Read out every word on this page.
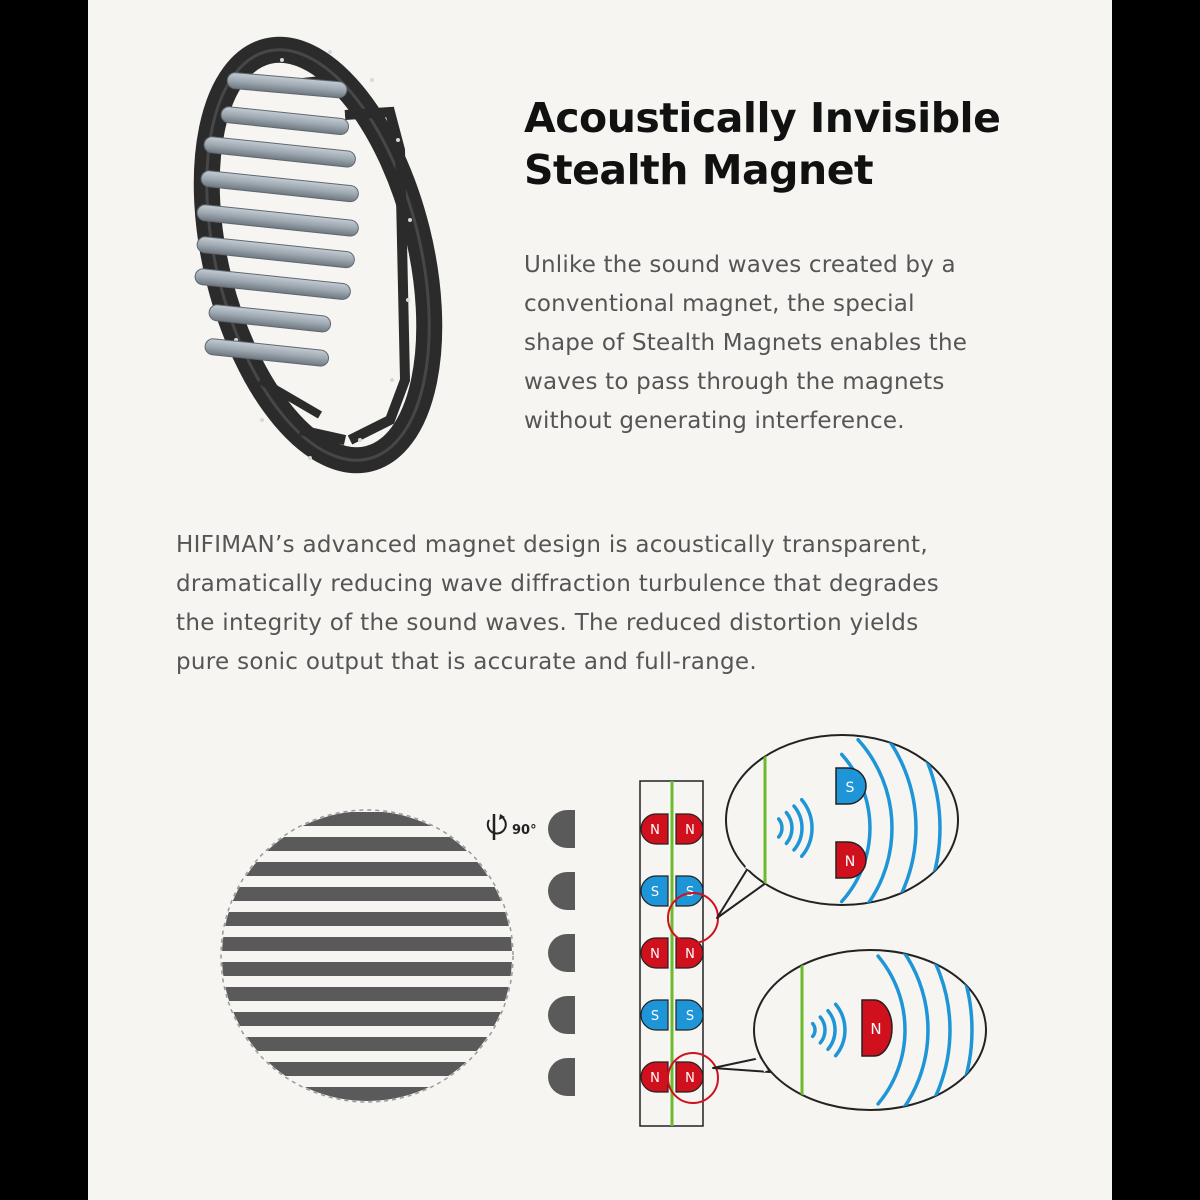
Acoustically Invisible
Stealth Magnet

Unlike the sound waves created by a
conventional magnet, the special
shape of Stealth Magnets enables the
waves to pass through the magnets
without generating interference.

HIFIMAN’s advanced magnet design is acoustically transparent,
dramatically reducing wave diffraction turbulence that degrades
the integrity of the sound waves. The reduced distortion yields
pure sonic output that is accurate and full-range.

90°	N N
S S
N N
S S
N N
S
N
N
